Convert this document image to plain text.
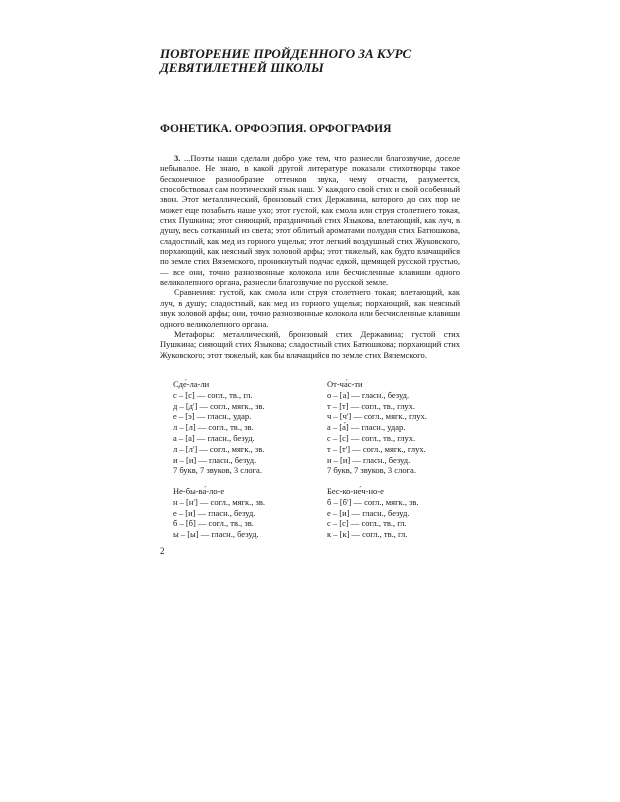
ПОВТОРЕНИЕ ПРОЙДЕННОГО ЗА КУРС
ДЕВЯТИЛЕТНЕЙ ШКОЛЫ
ФОНЕТИКА. ОРФОЭПИЯ. ОРФОГРАФИЯ

3. ...Поэты наши сделали добро уже тем, что разнесли благозвучие, доселе небывалое. Не знаю, в какой другой литературе показали стихотворцы такое бесконечное разнообразие оттенков звука, чему отчасти, разумеется, способствовал сам поэтический язык наш. У каждого свой стих и свой особенный звон. Этот металлический, бронзовый стих Державина, которого до сих пор не может еще позабыть наше ухо; этот густой, как смола или струя столетнего токая, стих Пушкина; этот сияющий, праздничный стих Языкова, влетающий, как луч, в душу, весь сотканный из света; этот облитый ароматами полудня стих Батюшкова, сладостный, как мед из горного ущелья; этот легкий воздушный стих Жуковского, порхающий, как неясный звук золовой арфы; этот тяжелый, как будто влачащийся по земле стих Вяземского, проникнутый подчас едкой, щемящей русской грустью, — все они, точно разнозвонные колокола или бесчисленные клавиши одного великолепного органа, разнесли благозвучие по русской земле.

Сравнения: густой, как смола или струя столетнего токая; влетающий, как луч, в душу; сладостный, как мед из горного ущелья; порхающий, как неясный звук золовой арфы; они, точно разнозвонные колокола или бесчисленные клавиши одного великолепного органа.

Метафоры: металлический, бронзовый стих Державина; густой стих Пушкина; сияющий стих Языкова; сладостный стих Батюшкова; порхающий стих Жуковского; этот тяжелый, как бы влачащийся по земле стих Вяземского.

Сде́-ла-ли
с – [с] — согл., тв., гл.
д – [д'] — согл., мягк., зв.
е – [э] — гласн., удар.
л – [л] — согл., тв., зв.
а – [а] — гласн., безуд.
л – [л'] — согл., мягк., зв.
и – [и] — гласн., безуд.
7 букв, 7 звуков, 3 слога.
От-ча́с-ти
о – [а] — гласн., безуд.
т – [т] — согл., тв., глух.
ч – [ч'] — согл., мягк., глух.
а – [а́] — гласн., удар.
с – [с] — согл., тв., глух.
т – [т'] — согл., мягк., глух.
и – [и] — гласн., безуд.
7 букв, 7 звуков, 3 слога.
Не-бы-ва́-ло-е
н – [н'] — согл., мягк., зв.
е – [и] — гласн., безуд.
б – [б] — согл., тв., зв.
ы – [ы] — гласн., безуд.
Бес-ко-не́ч-но-е
б – [б'] — согл., мягк., зв.
е – [и] — гласн., безуд.
с – [с] — согл., тв., гл.
к – [к] — согл., тв., гл.
2
